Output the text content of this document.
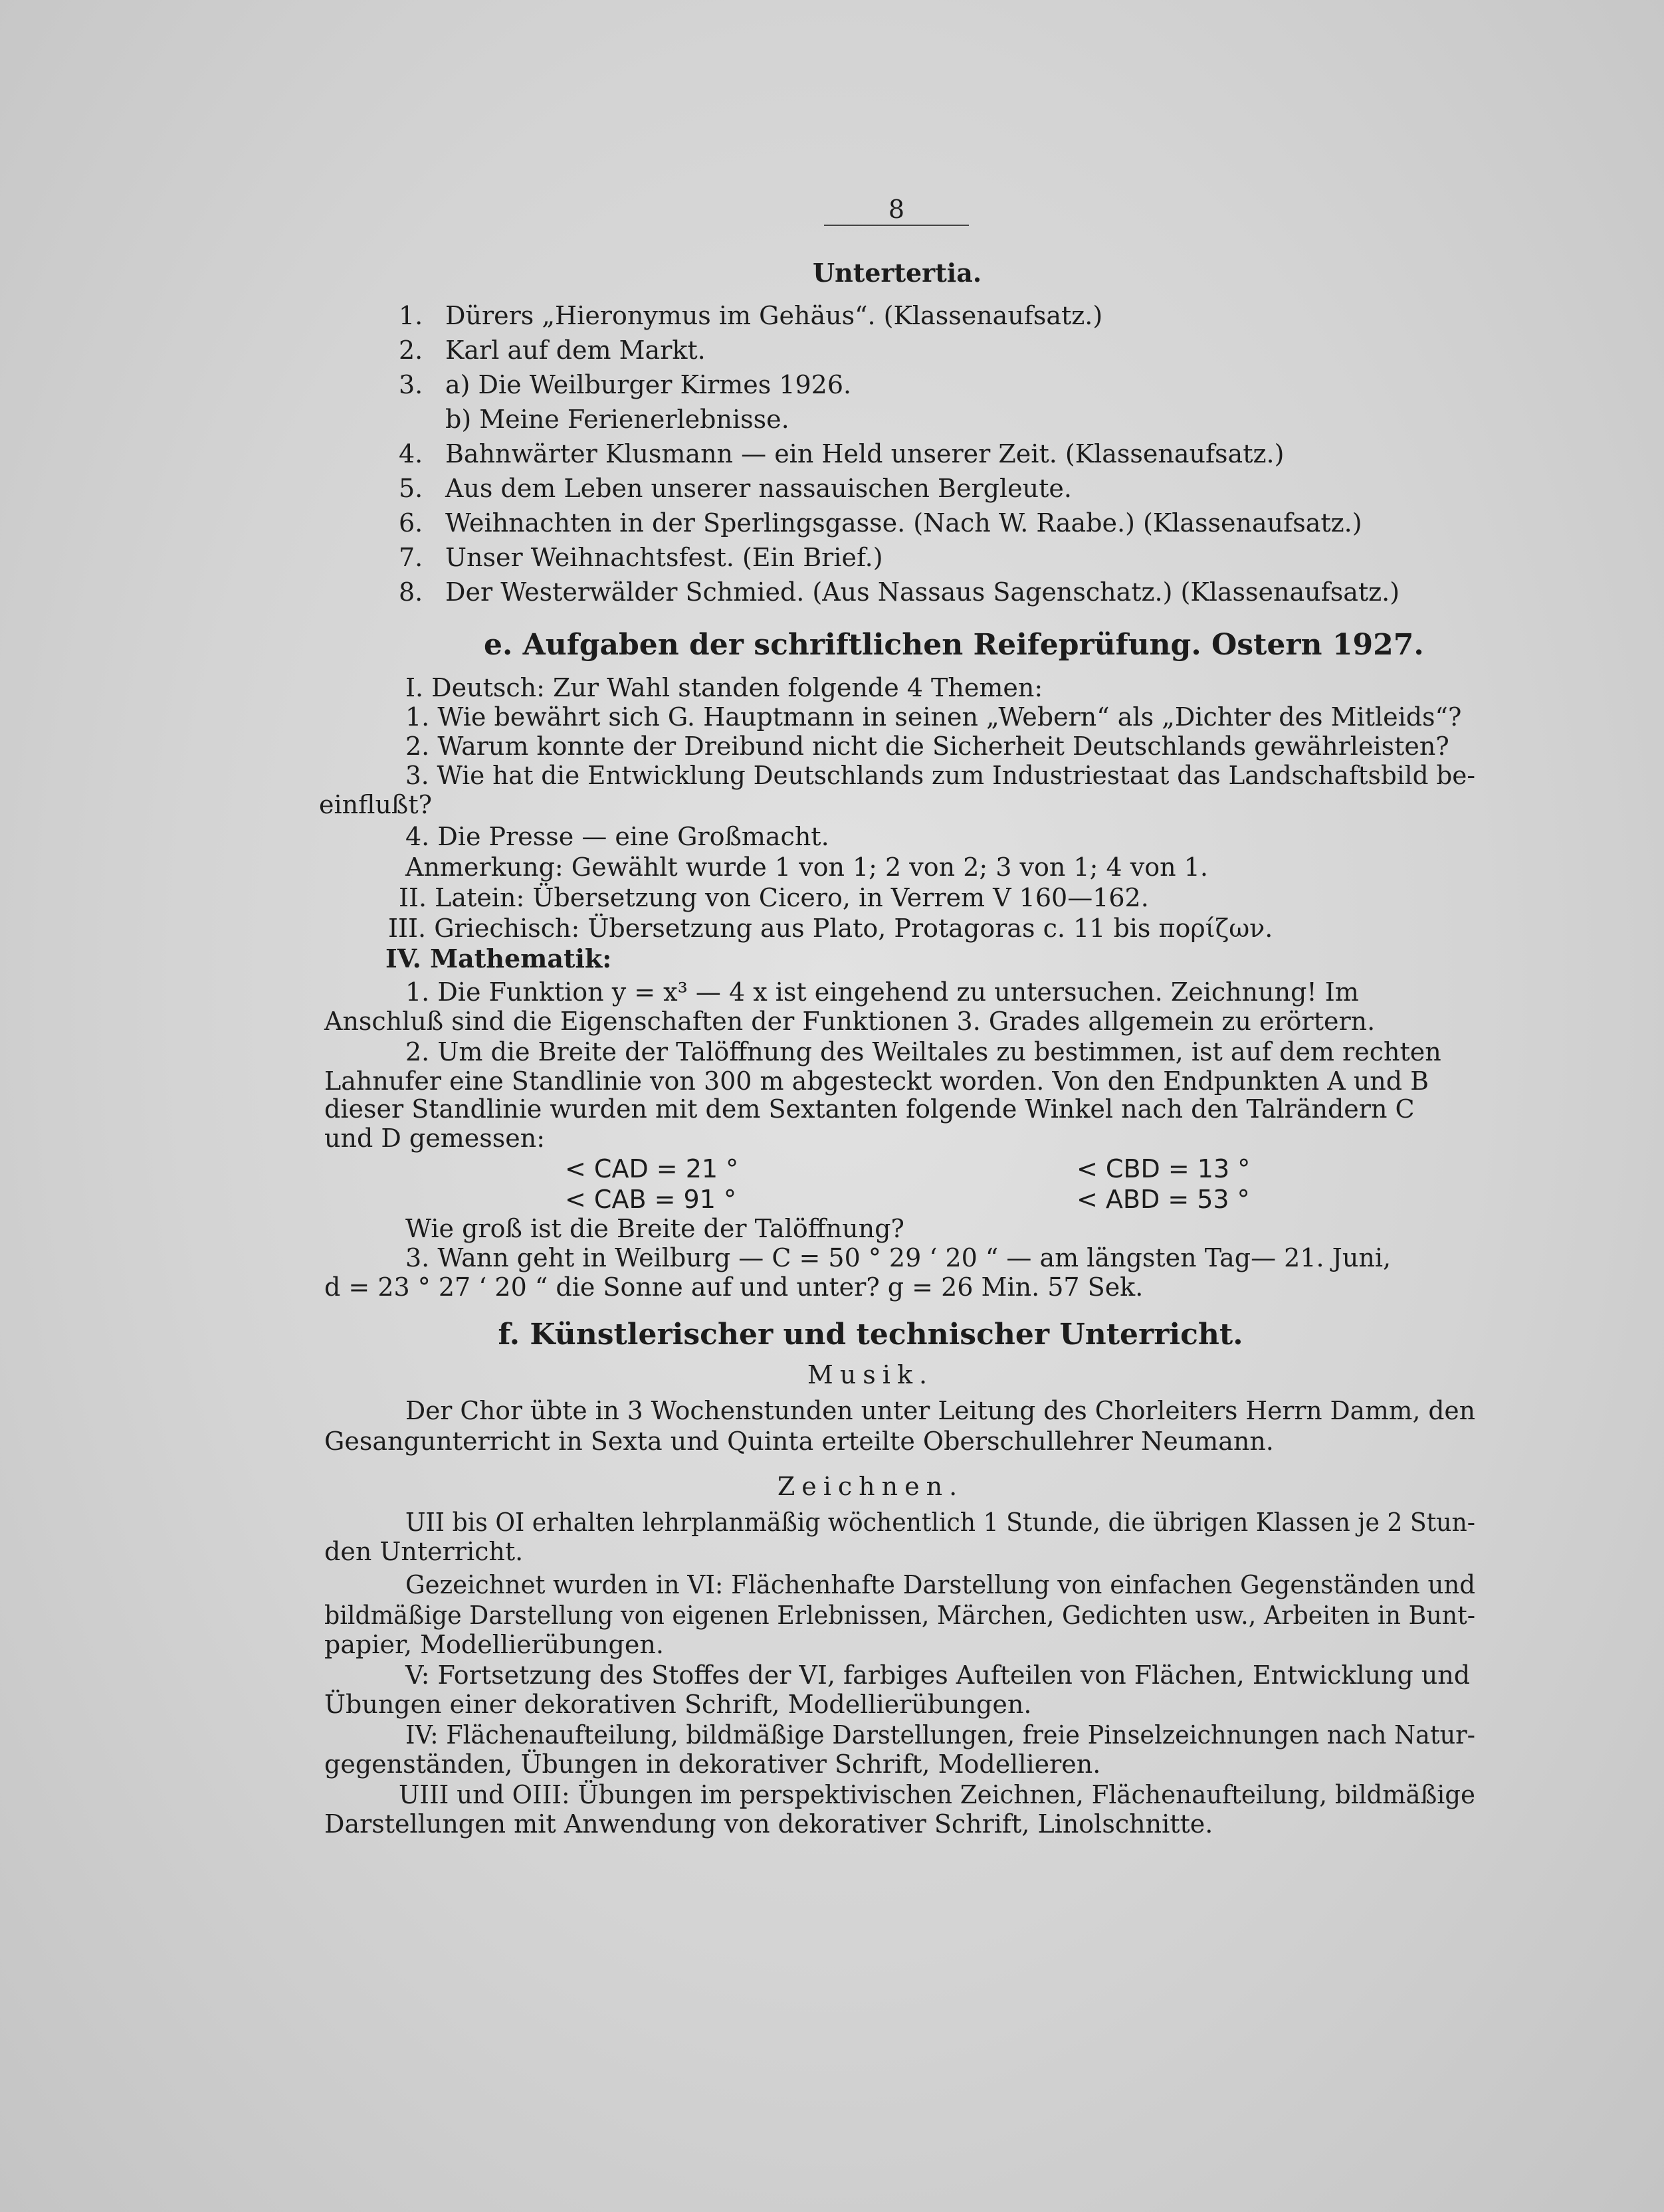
8
Untertertia.
1. Dürers „Hieronymus im Gehäus“. (Klassenaufsatz.)
2. Karl auf dem Markt.
3. a) Die Weilburger Kirmes 1926.
b) Meine Ferienerlebnisse.
4. Bahnwärter Klusmann — ein Held unserer Zeit. (Klassenaufsatz.)
5. Aus dem Leben unserer nassauischen Bergleute.
6. Weihnachten in der Sperlingsgasse. (Nach W. Raabe.) (Klassenaufsatz.)
7. Unser Weihnachtsfest. (Ein Brief.)
8. Der Westerwälder Schmied. (Aus Nassaus Sagenschatz.) (Klassenaufsatz.)
e. Aufgaben der schriftlichen Reifeprüfung. Ostern 1927.
I. Deutsch: Zur Wahl standen folgende 4 Themen:
1. Wie bewährt sich G. Hauptmann in seinen „Webern“ als „Dichter des Mitleids“?
2. Warum konnte der Dreibund nicht die Sicherheit Deutschlands gewährleisten?
3. Wie hat die Entwicklung Deutschlands zum Industriestaat das Landschaftsbild be-
einflußt?
4. Die Presse — eine Großmacht.
Anmerkung: Gewählt wurde 1 von 1; 2 von 2; 3 von 1; 4 von 1.
II. Latein: Übersetzung von Cicero, in Verrem V 160—162.
III. Griechisch: Übersetzung aus Plato, Protagoras c. 11 bis πορίζων.
IV. Mathematik:
1. Die Funktion y = x³ — 4 x ist eingehend zu untersuchen. Zeichnung! Im
Anschluß sind die Eigenschaften der Funktionen 3. Grades allgemein zu erörtern.
2. Um die Breite der Talöffnung des Weiltales zu bestimmen, ist auf dem rechten
Lahnufer eine Standlinie von 300 m abgesteckt worden. Von den Endpunkten A und B
dieser Standlinie wurden mit dem Sextanten folgende Winkel nach den Talrändern C
und D gemessen:
< CAD = 21 °
< CAB = 91 °
< CBD = 13 °
< ABD = 53 °
Wie groß ist die Breite der Talöffnung?
3. Wann geht in Weilburg — C = 50 ° 29 ‘ 20 “ — am längsten Tag— 21. Juni,
d = 23 ° 27 ‘ 20 “ die Sonne auf und unter? g = 26 Min. 57 Sek.
f. Künstlerischer und technischer Unterricht.
Musik.
Der Chor übte in 3 Wochenstunden unter Leitung des Chorleiters Herrn Damm, den
Gesangunterricht in Sexta und Quinta erteilte Oberschullehrer Neumann.
Zeichnen.
UII bis OI erhalten lehrplanmäßig wöchentlich 1 Stunde, die übrigen Klassen je 2 Stun-
den Unterricht.
Gezeichnet wurden in VI: Flächenhafte Darstellung von einfachen Gegenständen und
bildmäßige Darstellung von eigenen Erlebnissen, Märchen, Gedichten usw., Arbeiten in Bunt-
papier, Modellierübungen.
V: Fortsetzung des Stoffes der VI, farbiges Aufteilen von Flächen, Entwicklung und
Übungen einer dekorativen Schrift, Modellierübungen.
IV: Flächenaufteilung, bildmäßige Darstellungen, freie Pinselzeichnungen nach Natur-
gegenständen, Übungen in dekorativer Schrift, Modellieren.
UIII und OIII: Übungen im perspektivischen Zeichnen, Flächenaufteilung, bildmäßige
Darstellungen mit Anwendung von dekorativer Schrift, Linolschnitte.
